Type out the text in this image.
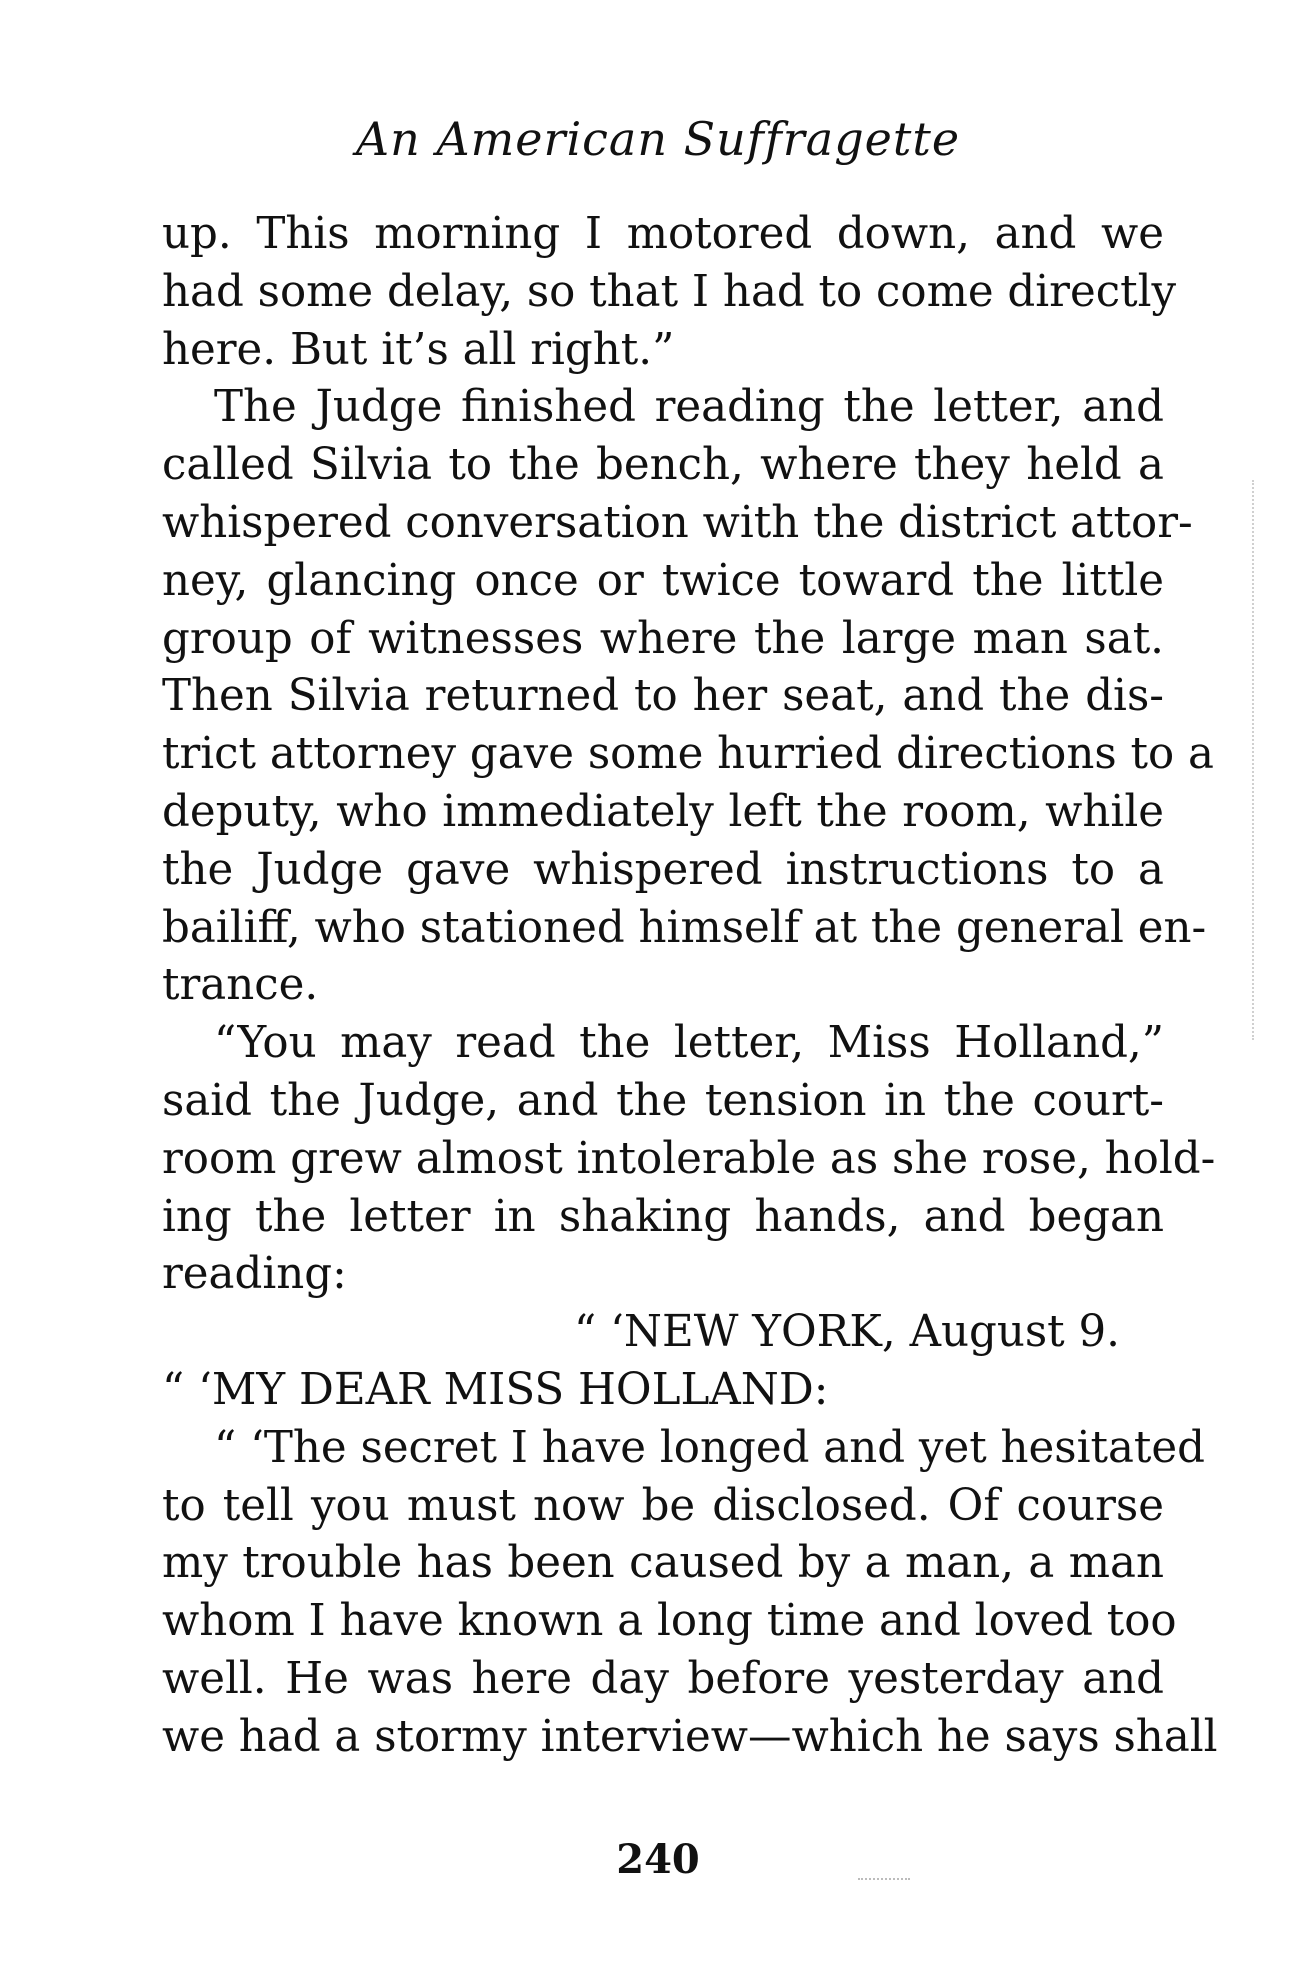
An American Suffragette
up. This morning I motored down, and we
had some delay, so that I had to come directly
here. But it’s all right.”
The Judge finished reading the letter, and
called Silvia to the bench, where they held a
whispered conversation with the district attor-
ney, glancing once or twice toward the little
group of witnesses where the large man sat.
Then Silvia returned to her seat, and the dis-
trict attorney gave some hurried directions to a
deputy, who immediately left the room, while
the Judge gave whispered instructions to a
bailiff, who stationed himself at the general en-
trance.
“You may read the letter, Miss Holland,”
said the Judge, and the tension in the court-
room grew almost intolerable as she rose, hold-
ing the letter in shaking hands, and began
reading:
“ ‘NEW YORK, August 9.
“ ‘MY DEAR MISS HOLLAND:
“ ‘The secret I have longed and yet hesitated
to tell you must now be disclosed. Of course
my trouble has been caused by a man, a man
whom I have known a long time and loved too
well. He was here day before yesterday and
we had a stormy interview—which he says shall
240
